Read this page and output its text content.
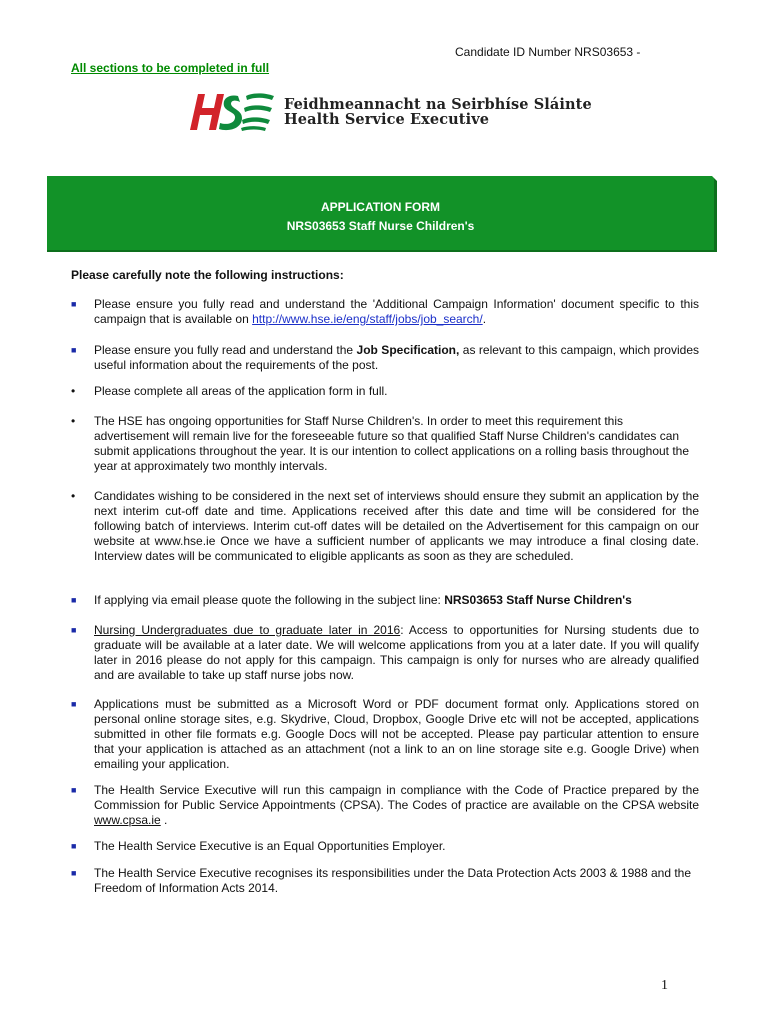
Candidate ID Number NRS03653 -
All sections to be completed in full
Feidhmeannacht na Seirbhíse Sláinte
Health Service Executive
APPLICATION FORM
NRS03653 Staff Nurse Children's
Please carefully note the following instructions:
■	Please ensure you fully read and understand the 'Additional Campaign Information' document specific to this campaign that is available on http://www.hse.ie/eng/staff/jobs/job_search/.
■	Please ensure you fully read and understand the Job Specification, as relevant to this campaign, which provides useful information about the requirements of the post.
•	Please complete all areas of the application form in full.
•	The HSE has ongoing opportunities for Staff Nurse Children's. In order to meet this requirement this advertisement will remain live for the foreseeable future so that qualified Staff Nurse Children's candidates can submit applications throughout the year. It is our intention to collect applications on a rolling basis throughout the year at approximately two monthly intervals.
•	Candidates wishing to be considered in the next set of interviews should ensure they submit an application by the next interim cut-off date and time. Applications received after this date and time will be considered for the following batch of interviews. Interim cut-off dates will be detailed on the Advertisement for this campaign on our website at www.hse.ie Once we have a sufficient number of applicants we may introduce a final closing date. Interview dates will be communicated to eligible applicants as soon as they are scheduled.
■	If applying via email please quote the following in the subject line: NRS03653 Staff Nurse Children's
■	Nursing Undergraduates due to graduate later in 2016: Access to opportunities for Nursing students due to graduate will be available at a later date. We will welcome applications from you at a later date. If you will qualify later in 2016 please do not apply for this campaign. This campaign is only for nurses who are already qualified and are available to take up staff nurse jobs now.
■	Applications must be submitted as a Microsoft Word or PDF document format only. Applications stored on personal online storage sites, e.g. Skydrive, Cloud, Dropbox, Google Drive etc will not be accepted, applications submitted in other file formats e.g. Google Docs will not be accepted. Please pay particular attention to ensure that your application is attached as an attachment (not a link to an on line storage site e.g. Google Drive) when emailing your application.
■	The Health Service Executive will run this campaign in compliance with the Code of Practice prepared by the Commission for Public Service Appointments (CPSA). The Codes of practice are available on the CPSA website www.cpsa.ie .
■	The Health Service Executive is an Equal Opportunities Employer.
■	The Health Service Executive recognises its responsibilities under the Data Protection Acts 2003 & 1988 and the Freedom of Information Acts 2014.
1
